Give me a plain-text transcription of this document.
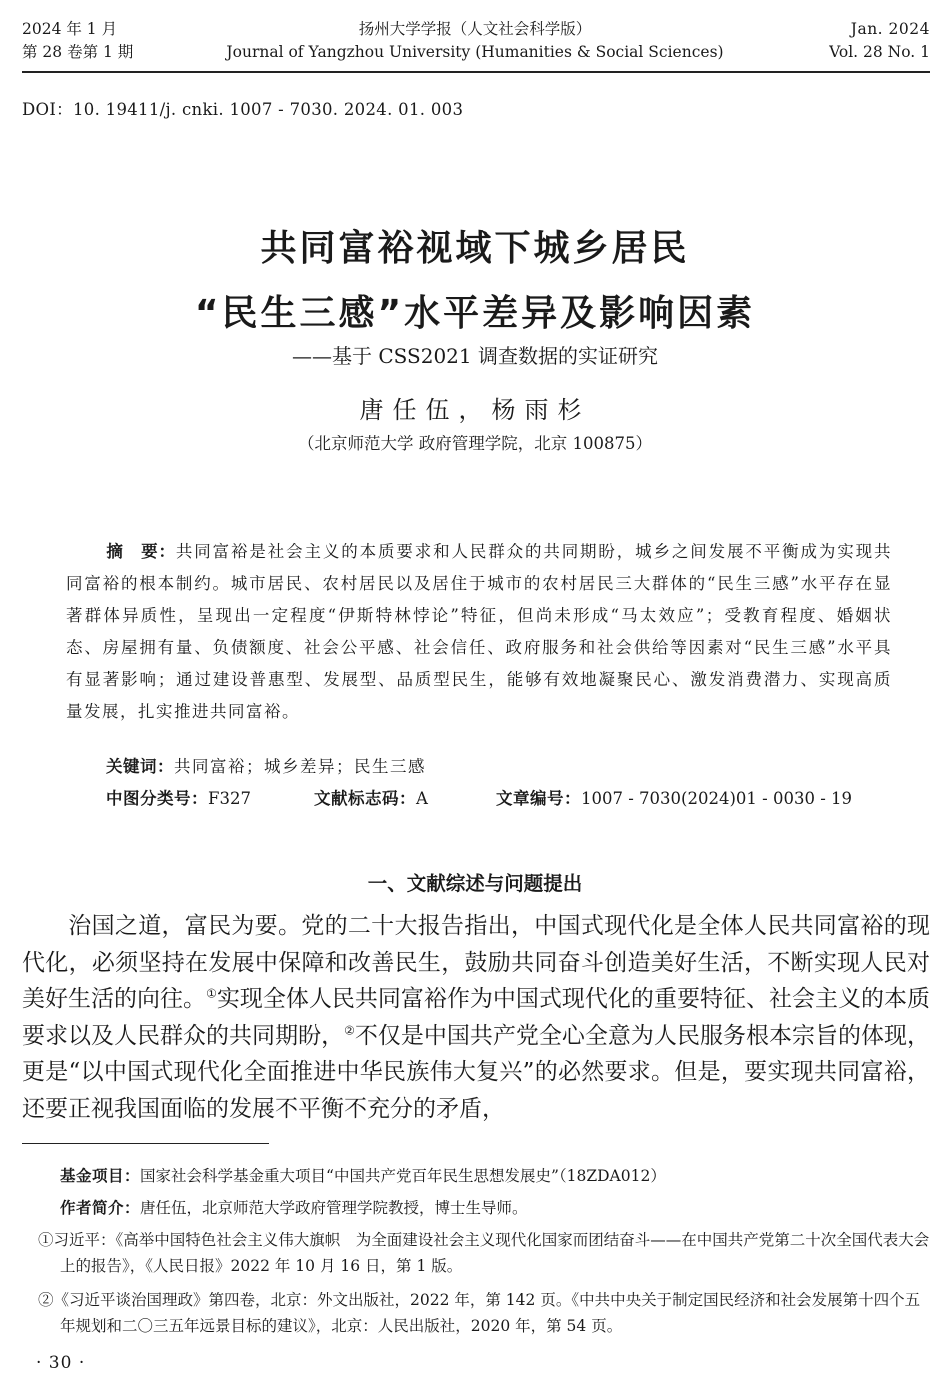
2024 年 1 月
第 28 卷第 1 期
扬州大学学报（人文社会科学版）
Journal of Yangzhou University (Humanities & Social Sciences)
Jan. 2024
Vol. 28 No. 1
DOI：10. 19411/j. cnki. 1007 - 7030. 2024. 01. 003
共同富裕视域下城乡居民
“民生三感”水平差异及影响因素
——基于 CSS2021 调查数据的实证研究
唐任伍，杨雨杉
（北京师范大学 政府管理学院，北京 100875）
摘　要：共同富裕是社会主义的本质要求和人民群众的共同期盼，城乡之间发展不平衡成为实现共同富裕的根本制约。城市居民、农村居民以及居住于城市的农村居民三大群体的“民生三感”水平存在显著群体异质性，呈现出一定程度“伊斯特林悖论”特征，但尚未形成“马太效应”；受教育程度、婚姻状态、房屋拥有量、负债额度、社会公平感、社会信任、政府服务和社会供给等因素对“民生三感”水平具有显著影响；通过建设普惠型、发展型、品质型民生，能够有效地凝聚民心、激发消费潜力、实现高质量发展，扎实推进共同富裕。
关键词：共同富裕；城乡差异；民生三感
中图分类号：F327	文献标志码：A	文章编号：1007 - 7030(2024)01 - 0030 - 19
一、文献综述与问题提出
治国之道，富民为要。党的二十大报告指出，中国式现代化是全体人民共同富裕的现代化，必须坚持在发展中保障和改善民生，鼓励共同奋斗创造美好生活，不断实现人民对美好生活的向往。①实现全体人民共同富裕作为中国式现代化的重要特征、社会主义的本质要求以及人民群众的共同期盼，②不仅是中国共产党全心全意为人民服务根本宗旨的体现，更是“以中国式现代化全面推进中华民族伟大复兴”的必然要求。但是，要实现共同富裕，还要正视我国面临的发展不平衡不充分的矛盾，
基金项目：国家社会科学基金重大项目“中国共产党百年民生思想发展史”（18ZDA012）
作者简介：唐任伍，北京师范大学政府管理学院教授，博士生导师。
①习近平：《高举中国特色社会主义伟大旗帜　为全面建设社会主义现代化国家而团结奋斗——在中国共产党第二十次全国代表大会上的报告》，《人民日报》2022 年 10 月 16 日，第 1 版。
②《习近平谈治国理政》第四卷，北京：外文出版社，2022 年，第 142 页。《中共中央关于制定国民经济和社会发展第十四个五年规划和二〇三五年远景目标的建议》，北京：人民出版社，2020 年，第 54 页。
· 30 ·
